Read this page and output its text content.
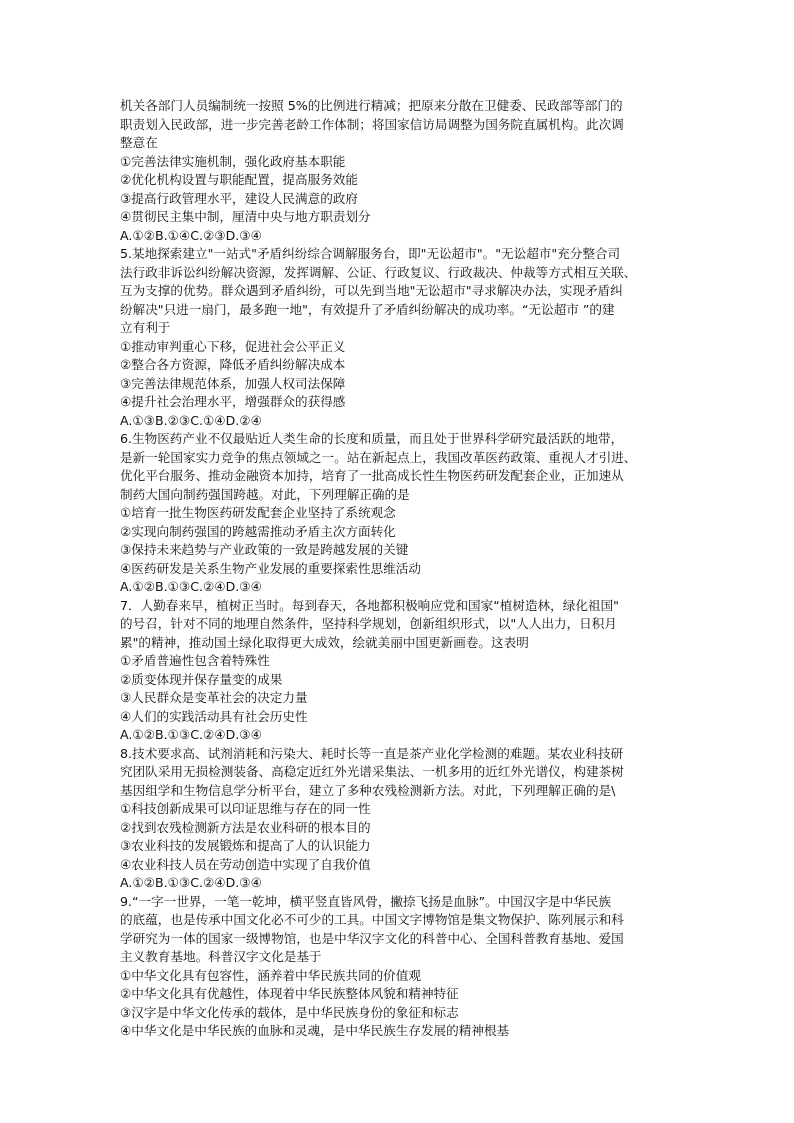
机关各部门人员编制统一按照 5%的比例进行精减；把原来分散在卫健委、民政部等部门的
职责划入民政部，进一步完善老龄工作体制；将国家信访局调整为国务院直属机构。此次调
整意在
①完善法律实施机制，强化政府基本职能
②优化机构设置与职能配置，提高服务效能
③提高行政管理水平，建设人民满意的政府
④贯彻民主集中制，厘清中央与地方职责划分
A.①②B.①④C.②③D.③④
5.某地探索建立"一站式"矛盾纠纷综合调解服务台，即"无讼超市"。"无讼超市"充分整合司
法行政非诉讼纠纷解决资源，发挥调解、公证、行政复议、行政裁决、仲裁等方式相互关联、
互为支撑的优势。群众遇到矛盾纠纷，可以先到当地"无讼超市"寻求解决办法，实现矛盾纠
纷解决"只进一扇门，最多跑一地"，有效提升了矛盾纠纷解决的成功率。“无讼超市 ”的建
立有利于
①推动审判重心下移，促进社会公平正义
②整合各方资源，降低矛盾纠纷解决成本
③完善法律规范体系，加强人权司法保障
④提升社会治理水平，增强群众的获得感
A.①③B.②③C.①④D.②④
6.生物医药产业不仅最贴近人类生命的长度和质量，而且处于世界科学研究最活跃的地带，
是新一轮国家实力竞争的焦点领域之一。站在新起点上，我国改革医药政策、重视人才引进、
优化平台服务、推动金融资本加持，培育了一批高成长性生物医药研发配套企业，正加速从
制药大国向制药强国跨越。对此，下列理解正确的是
①培育一批生物医药研发配套企业坚持了系统观念
②实现向制药强国的跨越需推动矛盾主次方面转化
③保持未来趋势与产业政策的一致是跨越发展的关键
④医药研发是关系生物产业发展的重要探索性思维活动
A.①②B.①③C.②④D.③④
7．人勤春来早，植树正当时。每到春天，各地都积极响应党和国家“植树造林，绿化祖国"
的号召，针对不同的地理自然条件，坚持科学规划，创新组织形式，以"人人出力，日积月
累"的精神，推动国土绿化取得更大成效，绘就美丽中国更新画卷。这表明
①矛盾普遍性包含着特殊性
②质变体现并保存量变的成果
③人民群众是变革社会的决定力量
④人们的实践活动具有社会历史性
A.①②B.①③C.②④D.③④
8.技术要求高、试剂消耗和污染大、耗时长等一直是茶产业化学检测的难题。某农业科技研
究团队采用无损检测装备、高稳定近红外光谱采集法、一机多用的近红外光谱仪，构建茶树
基因组学和生物信息学分析平台，建立了多种农残检测新方法。对此，下列理解正确的是\
①科技创新成果可以印证思维与存在的同一性
②找到农残检测新方法是农业科研的根本目的
③农业科技的发展锻炼和提高了人的认识能力
④农业科技人员在劳动创造中实现了自我价值
A.①②B.①③C.②④D.③④
9.“一字一世界，一笔一乾坤，横平竖直皆风骨，撇捺飞扬是血脉”。中国汉字是中华民族
的底蕴，也是传承中国文化必不可少的工具。中国文字博物馆是集文物保护、陈列展示和科
学研究为一体的国家一级博物馆，也是中华汉字文化的科普中心、全国科普教育基地、爱国
主义教育基地。科普汉字文化是基于
①中华文化具有包容性，涵养着中华民族共同的价值观
②中华文化具有优越性，体现着中华民族整体风貌和精神特征
③汉字是中华文化传承的载体，是中华民族身份的象征和标志
④中华文化是中华民族的血脉和灵魂，是中华民族生存发展的精神根基
